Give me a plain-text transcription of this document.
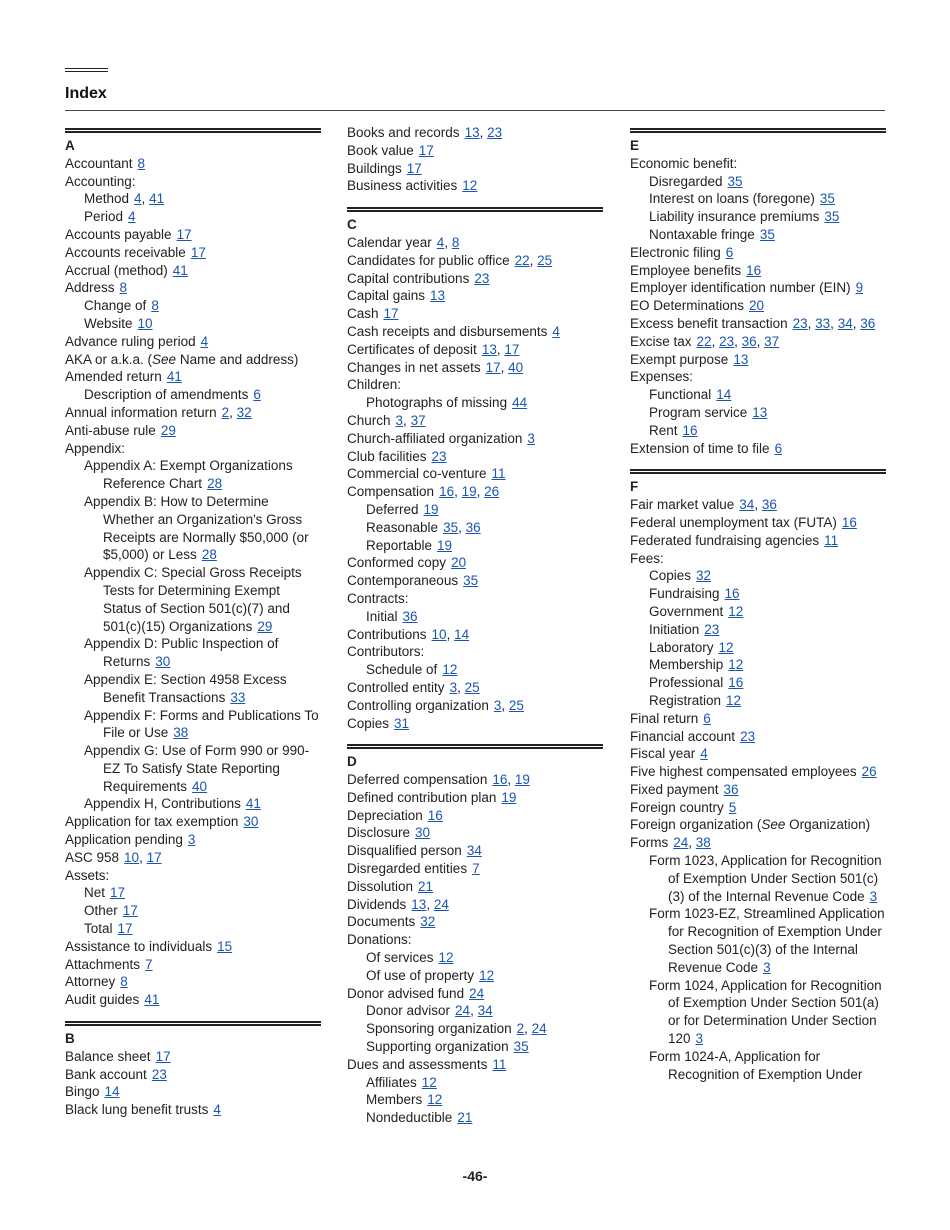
Index
A
Accountant 8
Accounting:
Method 4, 41
Period 4
Accounts payable 17
Accounts receivable 17
Accrual (method) 41
Address 8
Change of 8
Website 10
Advance ruling period 4
AKA or a.k.a. (See Name and address)
Amended return 41
Description of amendments 6
Annual information return 2, 32
Anti-abuse rule 29
Appendix:
Appendix A: Exempt Organizations Reference Chart 28
Appendix B: How to Determine Whether an Organization's Gross Receipts are Normally $50,000 (or $5,000) or Less 28
Appendix C: Special Gross Receipts Tests for Determining Exempt Status of Section 501(c)(7) and 501(c)(15) Organizations 29
Appendix D: Public Inspection of Returns 30
Appendix E: Section 4958 Excess Benefit Transactions 33
Appendix F: Forms and Publications To File or Use 38
Appendix G: Use of Form 990 or 990-EZ To Satisfy State Reporting Requirements 40
Appendix H, Contributions 41
Application for tax exemption 30
Application pending 3
ASC 958 10, 17
Assets:
Net 17
Other 17
Total 17
Assistance to individuals 15
Attachments 7
Attorney 8
Audit guides 41
B
Balance sheet 17
Bank account 23
Bingo 14
Black lung benefit trusts 4
Books and records 13, 23
Book value 17
Buildings 17
Business activities 12
C
Calendar year 4, 8
Candidates for public office 22, 25
Capital contributions 23
Capital gains 13
Cash 17
Cash receipts and disbursements 4
Certificates of deposit 13, 17
Changes in net assets 17, 40
Children:
Photographs of missing 44
Church 3, 37
Church-affiliated organization 3
Club facilities 23
Commercial co-venture 11
Compensation 16, 19, 26
Deferred 19
Reasonable 35, 36
Reportable 19
Conformed copy 20
Contemporaneous 35
Contracts:
Initial 36
Contributions 10, 14
Contributors:
Schedule of 12
Controlled entity 3, 25
Controlling organization 3, 25
Copies 31
D
Deferred compensation 16, 19
Defined contribution plan 19
Depreciation 16
Disclosure 30
Disqualified person 34
Disregarded entities 7
Dissolution 21
Dividends 13, 24
Documents 32
Donations:
Of services 12
Of use of property 12
Donor advised fund 24
Donor advisor 24, 34
Sponsoring organization 2, 24
Supporting organization 35
Dues and assessments 11
Affiliates 12
Members 12
Nondeductible 21
E
Economic benefit:
Disregarded 35
Interest on loans (foregone) 35
Liability insurance premiums 35
Nontaxable fringe 35
Electronic filing 6
Employee benefits 16
Employer identification number (EIN) 9
EO Determinations 20
Excess benefit transaction 23, 33, 34, 36
Excise tax 22, 23, 36, 37
Exempt purpose 13
Expenses:
Functional 14
Program service 13
Rent 16
Extension of time to file 6
F
Fair market value 34, 36
Federal unemployment tax (FUTA) 16
Federated fundraising agencies 11
Fees:
Copies 32
Fundraising 16
Government 12
Initiation 23
Laboratory 12
Membership 12
Professional 16
Registration 12
Final return 6
Financial account 23
Fiscal year 4
Five highest compensated employees 26
Fixed payment 36
Foreign country 5
Foreign organization (See Organization)
Forms 24, 38
Form 1023, Application for Recognition of Exemption Under Section 501(c)(3) of the Internal Revenue Code 3
Form 1023-EZ, Streamlined Application for Recognition of Exemption Under Section 501(c)(3) of the Internal Revenue Code 3
Form 1024, Application for Recognition of Exemption Under Section 501(a) or for Determination Under Section 120 3
Form 1024-A, Application for Recognition of Exemption Under
-46-
